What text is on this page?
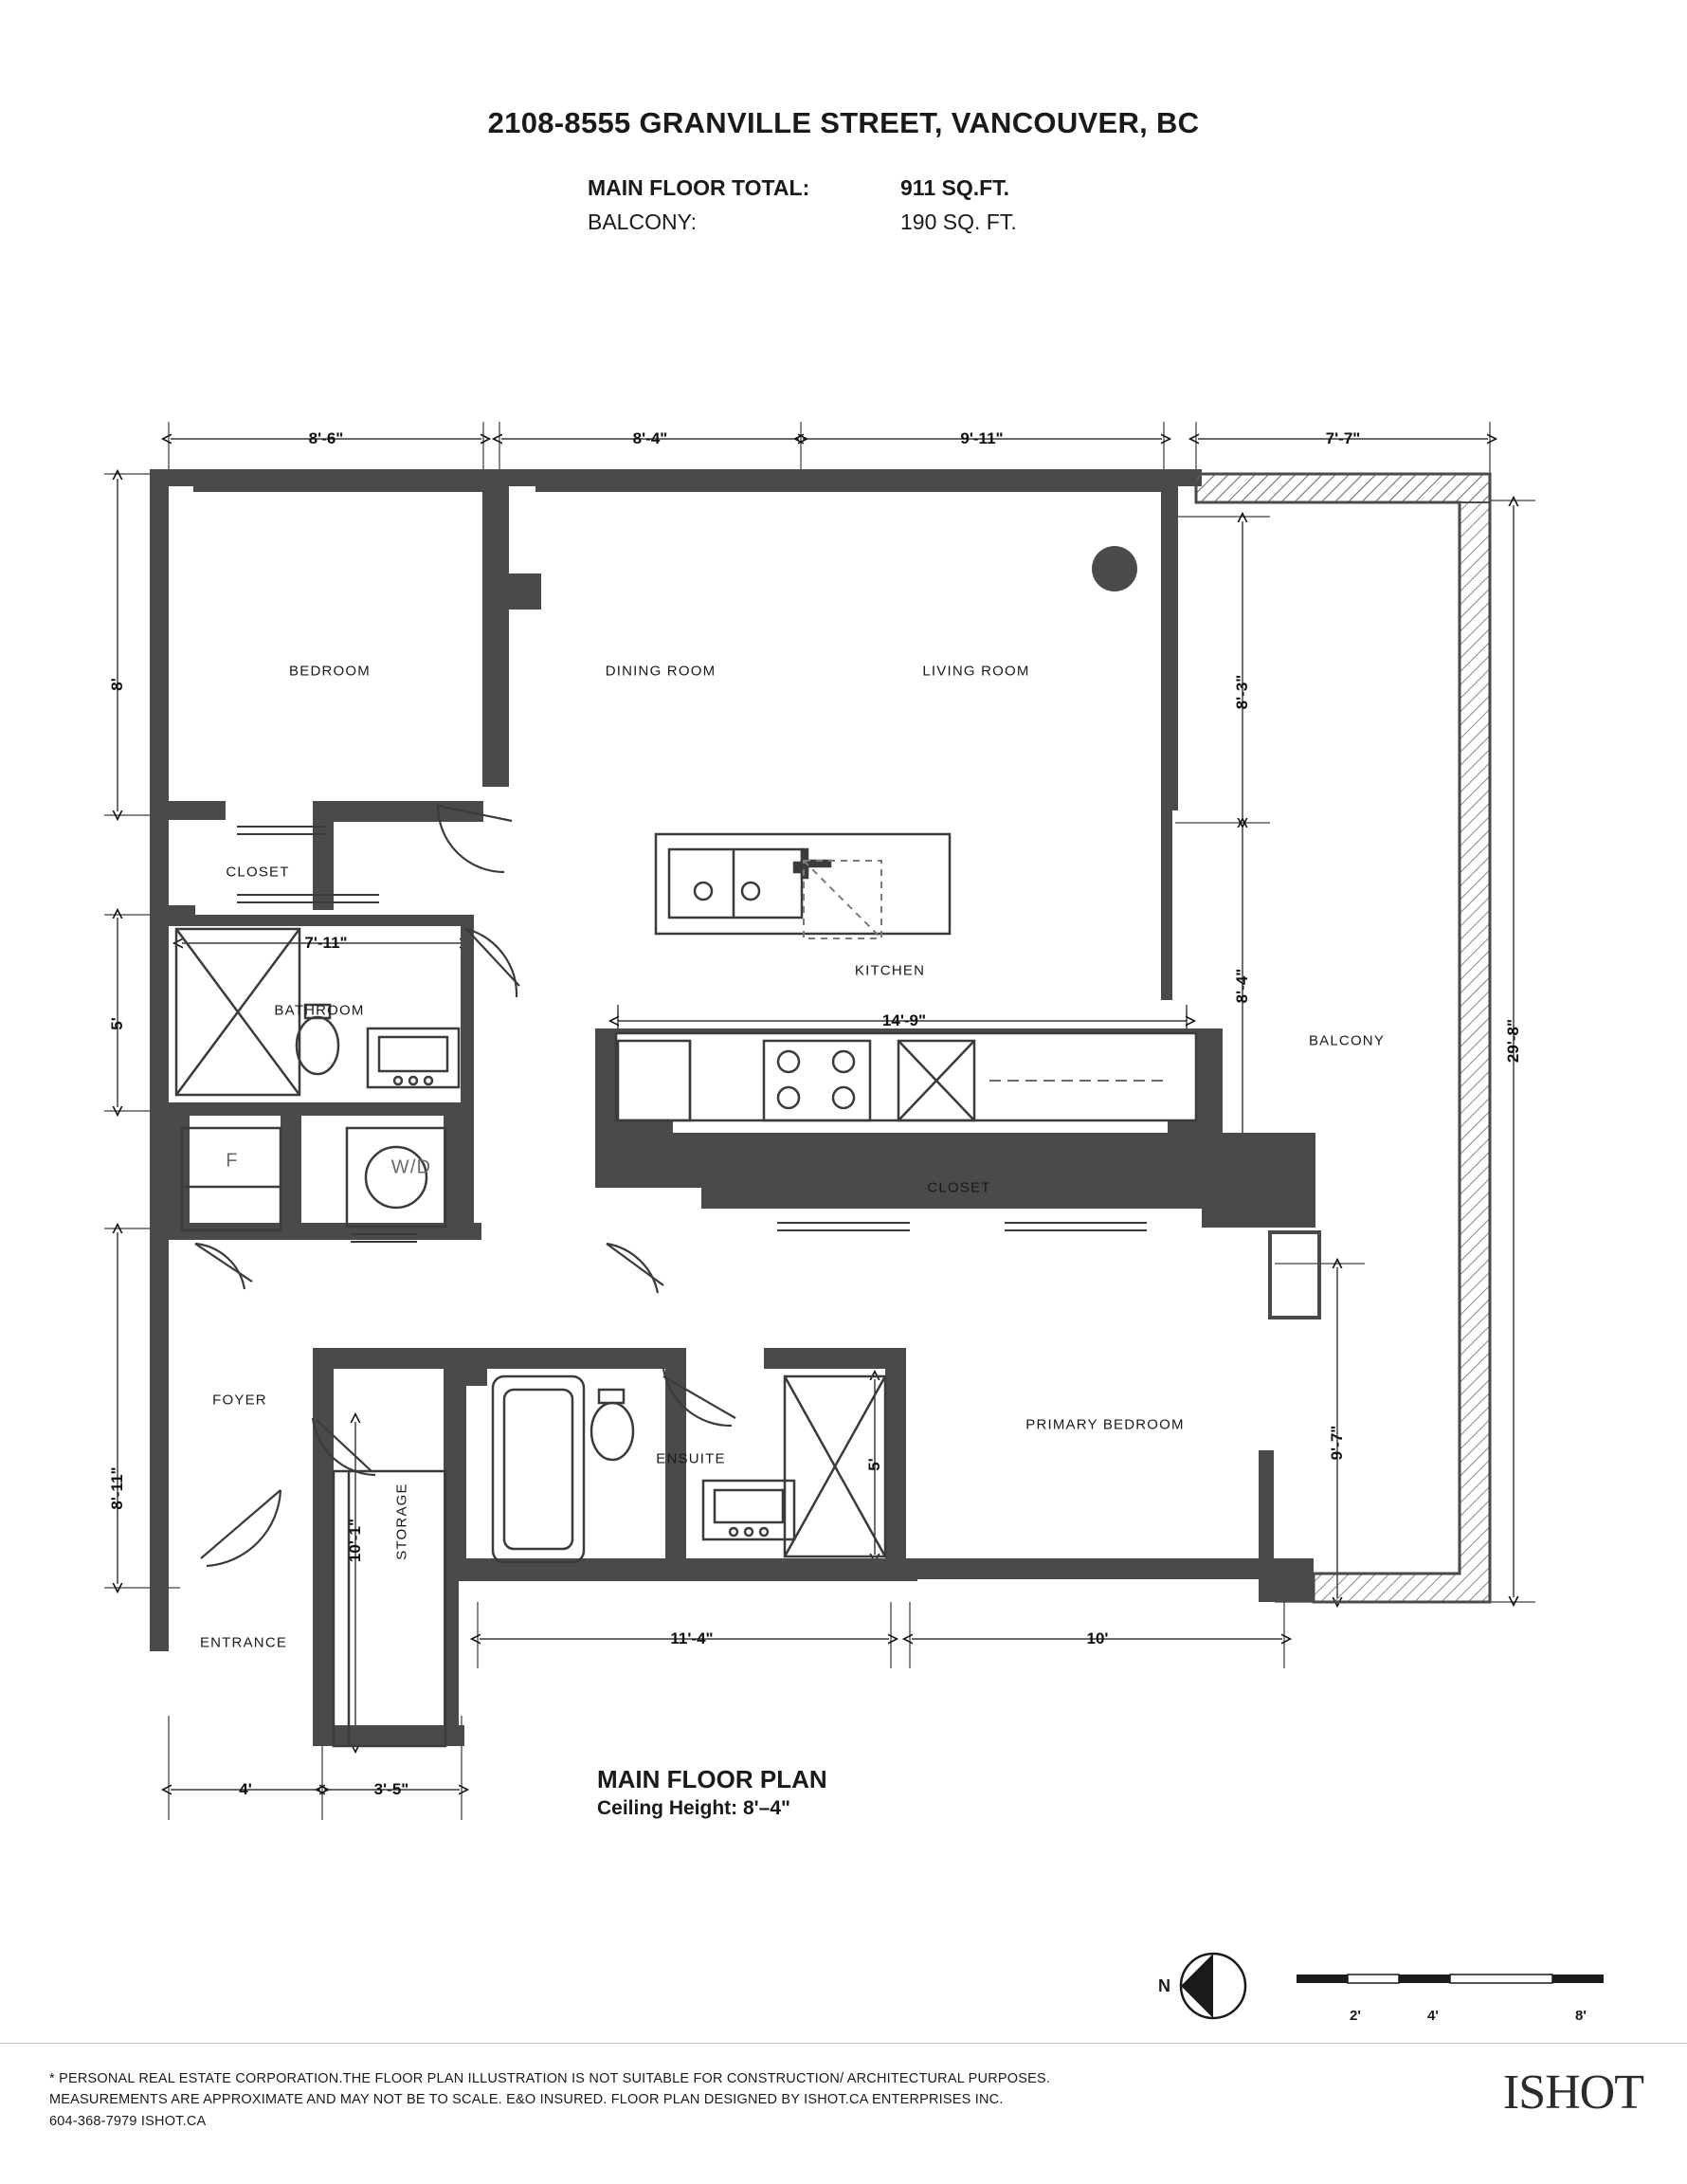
2108-8555 GRANVILLE STREET, VANCOUVER, BC
MAIN FLOOR TOTAL:	911 SQ.FT.
BALCONY:	190 SQ. FT.
BEDROOM	DINING ROOM	LIVING ROOM
CLOSET
BATHROOM
KITCHEN
BALCONY
CLOSET
FOYER
ENSUITE
PRIMARY BEDROOM
ENTRANCE
W/D
F
STORAGE
8'-6"	8'-4"	9'-11"	7'-7"
8'
5'
8'-11"
8'-3"
8'-4"
9'-7"
29'-8"
7'-11"
14'-9"
5'
10'-1"
11'-4"	10'
4'	3'-5"	MAIN FLOOR PLAN
Ceiling Height: 8'–4"
N
2'	4'	8'
* PERSONAL REAL ESTATE CORPORATION.THE FLOOR PLAN ILLUSTRATION IS NOT SUITABLE FOR CONSTRUCTION/ ARCHITECTURAL PURPOSES.
MEASUREMENTS ARE APPROXIMATE AND MAY NOT BE TO SCALE. E&O INSURED. FLOOR PLAN DESIGNED BY ISHOT.CA ENTERPRISES INC.
604-368-7979 ISHOT.CA
ISHOT
